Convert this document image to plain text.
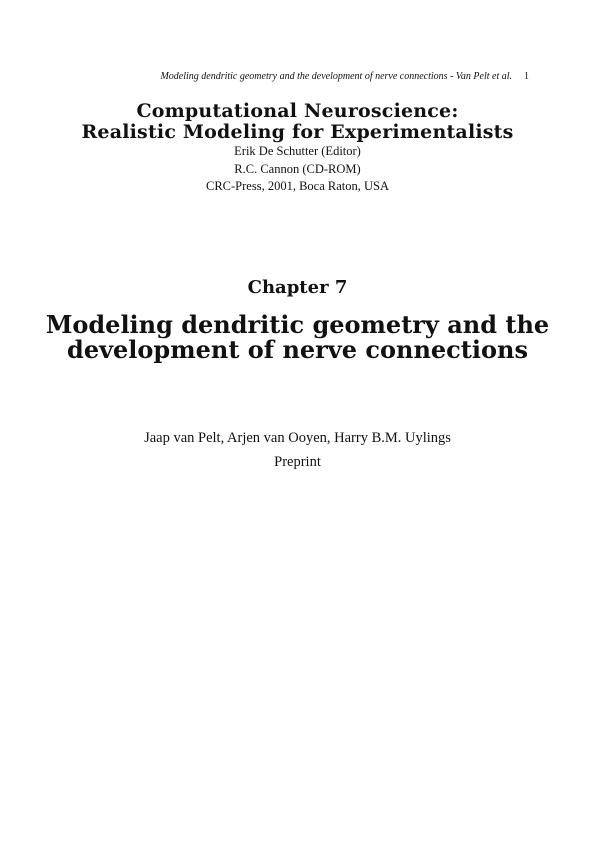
Modeling dendritic geometry and the development of nerve connections - Van Pelt et al. 1
Computational Neuroscience:
Realistic Modeling for Experimentalists
Erik De Schutter (Editor)
R.C. Cannon (CD-ROM)
CRC-Press, 2001, Boca Raton, USA
Chapter 7
Modeling dendritic geometry and the
development of nerve connections
Jaap van Pelt, Arjen van Ooyen, Harry B.M. Uylings
Preprint
